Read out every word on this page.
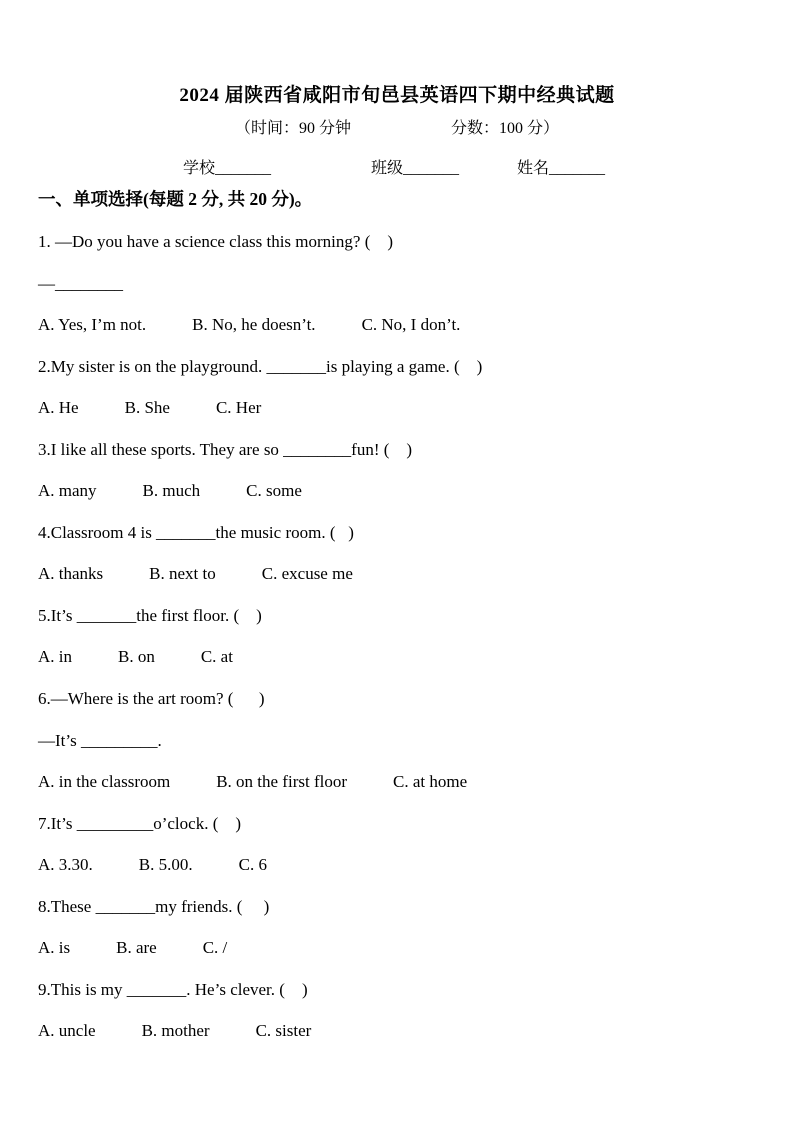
2024 届陕西省咸阳市旬邑县英语四下期中经典试题
（时间：90 分钟	分数：100 分）
学校_______	班级_______	姓名_______
一、单项选择(每题 2 分, 共 20 分)。
1. —Do you have a science class this morning? (    )
—________
A. Yes, I’m not.	B. No, he doesn’t.	C. No, I don’t.
2.My sister is on the playground. _______is playing a game. (    )
A. He	B. She	C. Her
3.I like all these sports. They are so ________fun! (    )
A. many	B. much	C. some
4.Classroom 4 is _______the music room. (   )
A. thanks	B. next to	C. excuse me
5.It’s _______the first floor. (    )
A. in	B. on	C. at
6.—Where is the art room? (      )
—It’s _________.
A. in the classroom	B. on the first floor	C. at home
7.It’s _________o’clock. (    )
A. 3.30.	B. 5.00.	C. 6
8.These _______my friends. (     )
A. is	B. are	C. /
9.This is my _______. He’s clever. (    )
A. uncle	B. mother	C. sister
